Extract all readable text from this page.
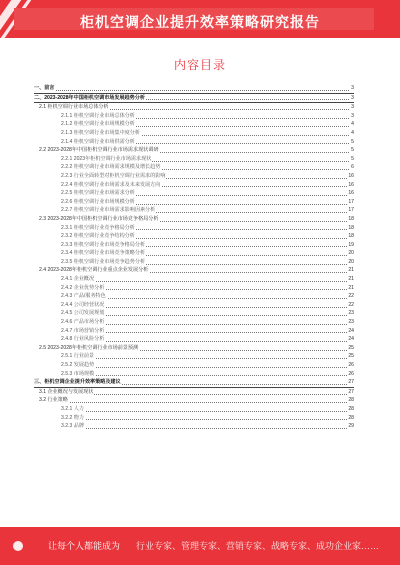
柜机空调企业提升效率策略研究报告
内容目录
一、前言	3
二、2023-2028年中国柜机空调市场发展趋势分析	3
2.1 柜机空调行业市场总体分析	3
2.1.1 柜机空调行业市场总体分析	3
2.1.2 柜机空调行业市场规模分析	4
2.1.3 柜机空调行业市场集中度分析	4
2.1.4 柜机空调行业市场供需分析	5
2.2 2023-2028年中国柜机空调行业市场需求现状调研	5
2.2.1 2023年柜机空调行业市场需求现状	5
2.2.2 柜机空调行业市场需求规模及增长趋势	6
2.2.3 行业全面转型对柜机空调行业需求的影响	16
2.2.4 柜机空调行业市场需求及未来发展方向	16
2.2.5 柜机空调行业市场需求分析	16
2.2.6 柜机空调行业市场规模分析	17
2.2.7 柜机空调行业市场需求影响因素分析	17
2.3 2023-2028年中国柜机空调行业市场竞争格局分析	18
2.3.1 柜机空调行业竞争格局分析	18
2.3.2 柜机空调行业竞争结构分析	18
2.3.3 柜机空调行业市场竞争格局分析	19
2.3.4 柜机空调行业市场竞争策略分析	20
2.3.5 柜机空调行业市场竞争趋势分析	20
2.4 2023-2028年柜机空调行业重点企业发展分析	21
2.4.1 企业概况	21
2.4.2 企业优势分析	21
2.4.3 产品/服务特色	22
2.4.4 公司经营状况	22
2.4.5 公司发展规划	23
2.4.6 产品市场分析	23
2.4.7 市场营销分析	24
2.4.8 行业风险分析	24
2.5 2023-2028年柜机空调行业市场前景预测	25
2.5.1 行业前景	25
2.5.2 发展趋势	26
2.5.3 市场规模	26
三、柜机空调企业提升效率策略及建议	27
3.1 企业概况与发展现状	27
3.2 行业策略	28
3.2.1 人力	28
3.2.2 物力	28
3.2.3 品牌	29
让每个人都能成为 行业专家、管理专家、营销专家、战略专家、成功企业家……
